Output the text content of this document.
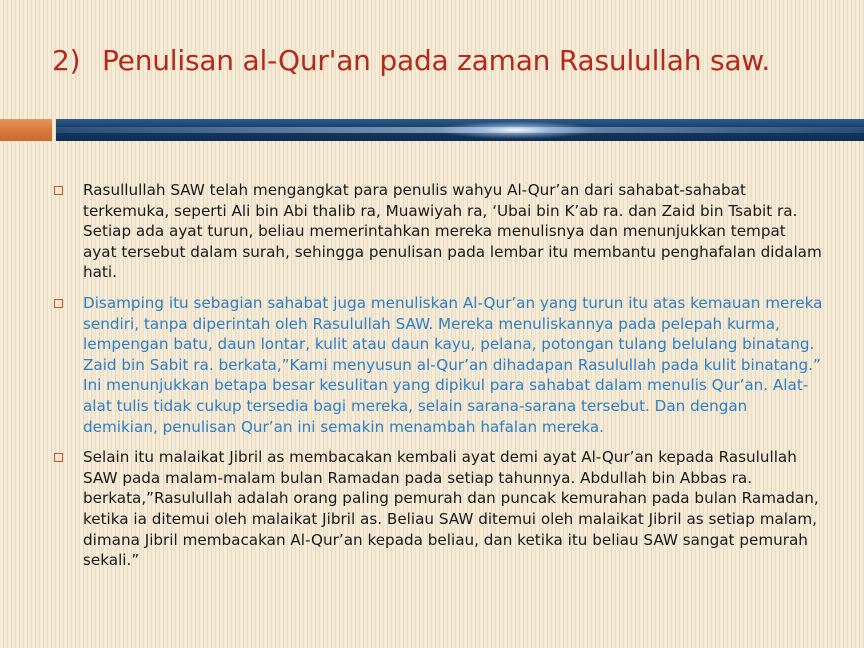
2) Penulisan al-Qur'an pada zaman Rasulullah saw.
Rasullullah SAW telah mengangkat para penulis wahyu Al-Qur’an dari sahabat-sahabat terkemuka, seperti Ali bin Abi thalib ra, Muawiyah ra, ‘Ubai bin K’ab ra. dan Zaid bin Tsabit ra. Setiap ada ayat turun, beliau memerintahkan mereka menulisnya dan menunjukkan tempat ayat tersebut dalam surah, sehingga penulisan pada lembar itu membantu penghafalan didalam hati.
Disamping itu sebagian sahabat juga menuliskan Al-Qur’an yang turun itu atas kemauan mereka sendiri, tanpa diperintah oleh Rasulullah SAW. Mereka menuliskannya pada pelepah kurma, lempengan batu, daun lontar, kulit atau daun kayu, pelana, potongan tulang belulang binatang. Zaid bin Sabit ra. berkata,”Kami menyusun al-Qur’an dihadapan Rasulullah pada kulit binatang.” Ini menunjukkan betapa besar kesulitan yang dipikul para sahabat dalam menulis Qur’an. Alat-alat tulis tidak cukup tersedia bagi mereka, selain sarana-sarana tersebut. Dan dengan demikian, penulisan Qur’an ini semakin menambah hafalan mereka.
Selain itu malaikat Jibril as membacakan kembali ayat demi ayat Al-Qur’an kepada Rasulullah SAW pada malam-malam bulan Ramadan pada setiap tahunnya. Abdullah bin Abbas ra. berkata,”Rasulullah adalah orang paling pemurah dan puncak kemurahan pada bulan Ramadan, ketika ia ditemui oleh malaikat Jibril as. Beliau SAW ditemui oleh malaikat Jibril as setiap malam, dimana Jibril membacakan Al-Qur’an kepada beliau, dan ketika itu beliau SAW sangat pemurah sekali.”
